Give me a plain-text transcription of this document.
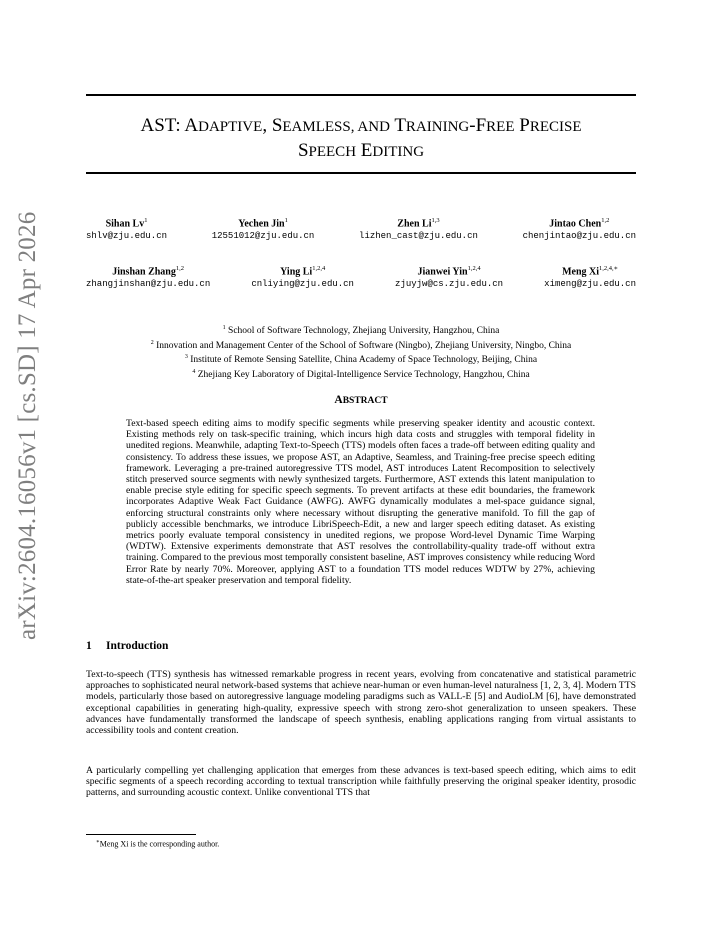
arXiv:2604.16056v1 [cs.SD] 17 Apr 2026
AST: ADAPTIVE, SEAMLESS, AND TRAINING-FREE PRECISE
SPEECH EDITING
Sihan Lv$^1$
shlv@zju.edu.cn
Yechen Jin$^1$
12551012@zju.edu.cn
Zhen Li$^{1,3}$
lizhen_cast@zju.edu.cn
Jintao Chen$^{1,2}$
chenjintao@zju.edu.cn
Jinshan Zhang$^{1,2}$
zhangjinshan@zju.edu.cn
Ying Li$^{1,2,4}$
cnliying@zju.edu.cn
Jianwei Yin$^{1,2,4}$
zjuyjw@cs.zju.edu.cn
Meng $Xi^{1,2,4,∗}$
ximeng@zju.edu.cn
$^1$ School of Software Technology, Zhejiang University, Hangzhou, China
$^2$ Innovation and Management Center of the School of Software (Ningbo), Zhejiang University, Ningbo, China
$^3$ Institute of Remote Sensing Satellite, China Academy of Space Technology, Beijing, China
$^4$ Zhejiang Key Laboratory of Digital-Intelligence Service Technology, Hangzhou, China
ABSTRACT
Text-based speech editing aims to modify specific segments while preserving speaker identity and acoustic context. Existing methods rely on task-specific training, which incurs high data costs and struggles with temporal fidelity in unedited regions. Meanwhile, adapting Text-to-Speech (TTS) models often faces a trade-off between editing quality and consistency. To address these issues, we propose AST, an Adaptive, Seamless, and Training-free precise speech editing framework. Leveraging a pre-trained autoregressive TTS model, AST introduces Latent Recomposition to selectively stitch preserved source segments with newly synthesized targets. Furthermore, AST extends this latent manipulation to enable precise style editing for specific speech segments. To prevent artifacts at these edit boundaries, the framework incorporates Adaptive Weak Fact Guidance (AWFG). AWFG dynamically modulates a mel-space guidance signal, enforcing structural constraints only where necessary without disrupting the generative manifold. To fill the gap of publicly accessible benchmarks, we introduce LibriSpeech-Edit, a new and larger speech editing dataset. As existing metrics poorly evaluate temporal consistency in unedited regions, we propose Word-level Dynamic Time Warping (WDTW). Extensive experiments demonstrate that AST resolves the controllability-quality trade-off without extra training. Compared to the previous most temporally consistent baseline, AST improves consistency while reducing Word Error Rate by nearly 70%. Moreover, applying AST to a foundation TTS model reduces WDTW by 27%, achieving state-of-the-art speaker preservation and temporal fidelity.
1 Introduction
Text-to-speech (TTS) synthesis has witnessed remarkable progress in recent years, evolving from concatenative and statistical parametric approaches to sophisticated neural network-based systems that achieve near-human or even human-level naturalness [1, 2, 3, 4]. Modern TTS models, particularly those based on autoregressive language modeling paradigms such as VALL-E [5] and AudioLM [6], have demonstrated exceptional capabilities in generating high-quality, expressive speech with strong zero-shot generalization to unseen speakers. These advances have fundamentally transformed the landscape of speech synthesis, enabling applications ranging from virtual assistants to accessibility tools and content creation.
A particularly compelling yet challenging application that emerges from these advances is text-based speech editing, which aims to edit specific segments of a speech recording according to textual transcription while faithfully preserving the original speaker identity, prosodic patterns, and surrounding acoustic context. Unlike conventional TTS that
∗Meng Xi is the corresponding author.
